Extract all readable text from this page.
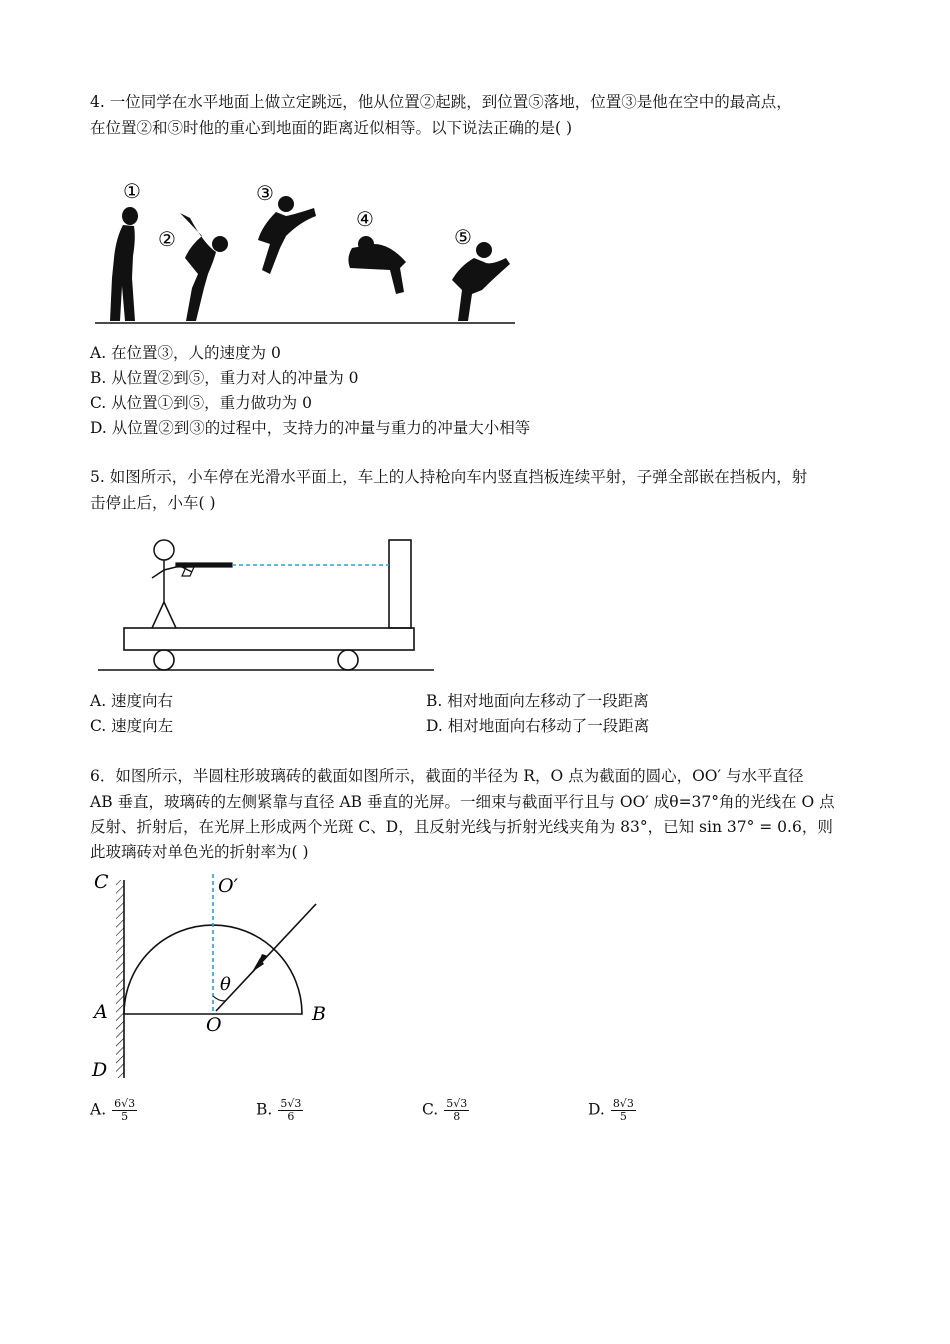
4. 一位同学在水平地面上做立定跳远，他从位置②起跳，到位置⑤落地，位置③是他在空中的最高点，
在位置②和⑤时他的重心到地面的距离近似相等。以下说法正确的是( )
①
②
③
④
⑤
A. 在位置③，人的速度为 0
B. 从位置②到⑤，重力对人的冲量为 0
C. 从位置①到⑤，重力做功为 0
D. 从位置②到③的过程中，支持力的冲量与重力的冲量大小相等
5. 如图所示，小车停在光滑水平面上，车上的人持枪向车内竖直挡板连续平射，子弹全部嵌在挡板内，射
击停止后，小车( )
A. 速度向右	B. 相对地面向左移动了一段距离
C. 速度向左	D. 相对地面向右移动了一段距离
6．如图所示，半圆柱形玻璃砖的截面如图所示，截面的半径为 R，O 点为截面的圆心，OO′ 与水平直径
AB 垂直，玻璃砖的左侧紧靠与直径 AB 垂直的光屏。一细束与截面平行且与 OO′ 成θ=37°角的光线在 O 点
反射、折射后，在光屏上形成两个光斑 C、D，且反射光线与折射光线夹角为 83°，已知 sin 37° = 0.6，则
此玻璃砖对单色光的折射率为( )
C	O′
θ
A
O	B
D
A. $\frac{6√3}{5}$	B. $\frac{5√3}{6}$	C. $\frac{5√3}{8}$	D. $\frac{8√3}{5}$
